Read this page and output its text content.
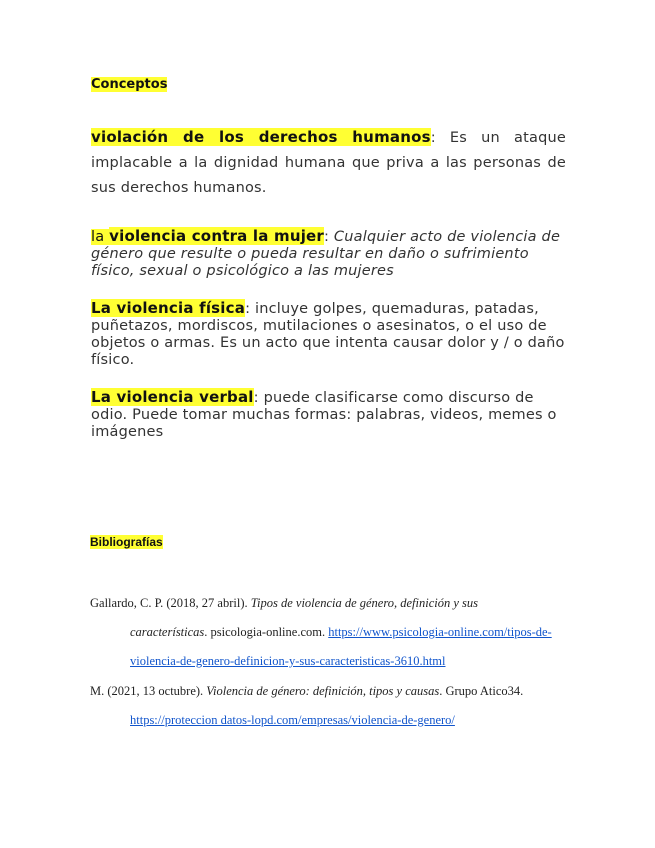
Conceptos

violación de los derechos humanos: Es un ataque implacable a la dignidad humana que priva a las personas de sus derechos humanos.

la violencia contra la mujer: Cualquier acto de violencia de género que resulte o pueda resultar en daño o sufrimiento físico, sexual o psicológico a las mujeres

La violencia física: incluye golpes, quemaduras, patadas, puñetazos, mordiscos, mutilaciones o asesinatos, o el uso de objetos o armas. Es un acto que intenta causar dolor y / o daño físico.

La violencia verbal: puede clasificarse como discurso de odio. Puede tomar muchas formas: palabras, videos, memes o imágenes

Bibliografías
Gallardo, C. P. (2018, 27 abril). Tipos de violencia de género, definición y sus
características. psicologia-online.com. https://www.psicologia-online.com/tipos-de-
violencia-de-genero-definicion-y-sus-caracteristicas-3610.html
M. (2021, 13 octubre). Violencia de género: definición, tipos y causas. Grupo Atico34.
https://proteccion datos-lopd.com/empresas/violencia-de-genero/
